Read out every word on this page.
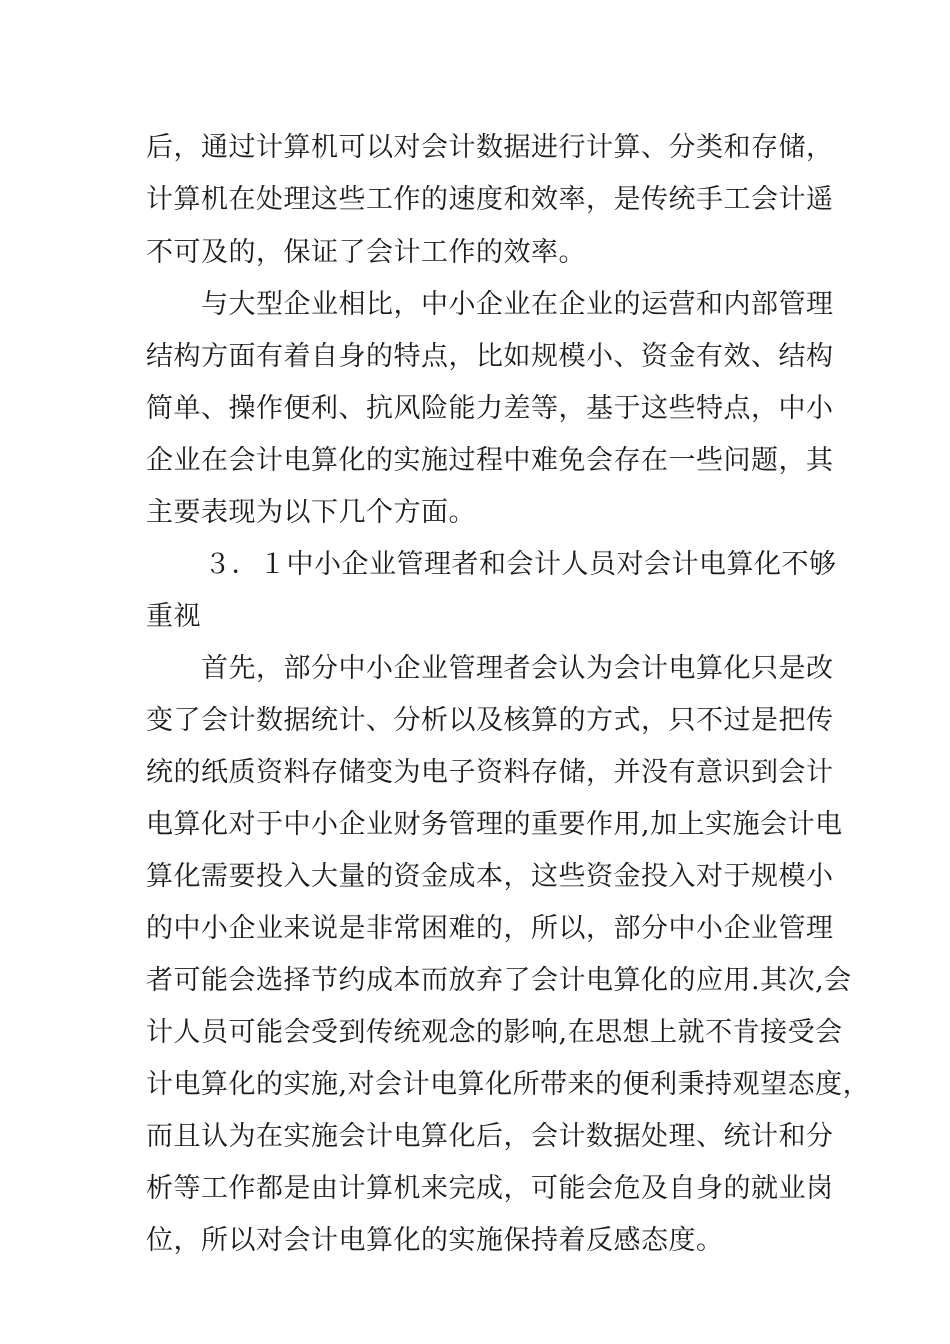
后，通过计算机可以对会计数据进行计算、分类和存储，
计算机在处理这些工作的速度和效率，是传统手工会计遥
不可及的，保证了会计工作的效率。
与大型企业相比，中小企业在企业的运营和内部管理
结构方面有着自身的特点，比如规模小、资金有效、结构
简单、操作便利、抗风险能力差等，基于这些特点，中小
企业在会计电算化的实施过程中难免会存在一些问题，其
主要表现为以下几个方面。
３．１中小企业管理者和会计人员对会计电算化不够
重视
首先，部分中小企业管理者会认为会计电算化只是改
变了会计数据统计、分析以及核算的方式，只不过是把传
统的纸质资料存储变为电子资料存储，并没有意识到会计
电算化对于中小企业财务管理的重要作用,加上实施会计电
算化需要投入大量的资金成本，这些资金投入对于规模小
的中小企业来说是非常困难的，所以，部分中小企业管理
者可能会选择节约成本而放弃了会计电算化的应用.其次,会
计人员可能会受到传统观念的影响,在思想上就不肯接受会
计电算化的实施,对会计电算化所带来的便利秉持观望态度，
而且认为在实施会计电算化后，会计数据处理、统计和分
析等工作都是由计算机来完成，可能会危及自身的就业岗
位，所以对会计电算化的实施保持着反感态度。
